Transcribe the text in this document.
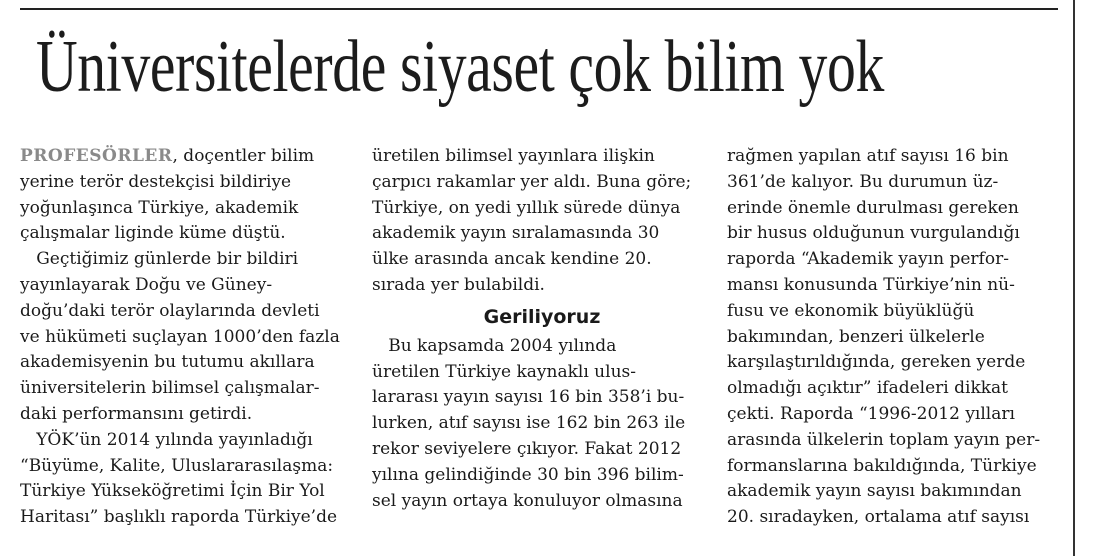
Üniversitelerde siyaset çok bilim yok
PROFESÖRLER, doçentler bilim
yerine terör destekçisi bildiriye
yoğunlaşınca Türkiye, akademik
çalışmalar liginde küme düştü.
Geçtiğimiz günlerde bir bildiri
yayınlayarak Doğu ve Güney-
doğu’daki terör olaylarında devleti
ve hükümeti suçlayan 1000’den fazla
akademisyenin bu tutumu akıllara
üniversitelerin bilimsel çalışmalar-
daki performansını getirdi.
YÖK’ün 2014 yılında yayınladığı
“Büyüme, Kalite, Uluslararasılaşma:
Türkiye Yükseköğretimi İçin Bir Yol
Haritası” başlıklı raporda Türkiye’de
üretilen bilimsel yayınlara ilişkin
çarpıcı rakamlar yer aldı. Buna göre;
Türkiye, on yedi yıllık sürede dünya
akademik yayın sıralamasında 30
ülke arasında ancak kendine 20.
sırada yer bulabildi.
Geriliyoruz
Bu kapsamda 2004 yılında
üretilen Türkiye kaynaklı ulus-
lararası yayın sayısı 16 bin 358’i bu-
lurken, atıf sayısı ise 162 bin 263 ile
rekor seviyelere çıkıyor. Fakat 2012
yılına gelindiğinde 30 bin 396 bilim-
sel yayın ortaya konuluyor olmasına
rağmen yapılan atıf sayısı 16 bin
361’de kalıyor. Bu durumun üz-
erinde önemle durulması gereken
bir husus olduğunun vurgulandığı
raporda “Akademik yayın perfor-
mansı konusunda Türkiye’nin nü-
fusu ve ekonomik büyüklüğü
bakımından, benzeri ülkelerle
karşılaştırıldığında, gereken yerde
olmadığı açıktır” ifadeleri dikkat
çekti. Raporda “1996-2012 yılları
arasında ülkelerin toplam yayın per-
formanslarına bakıldığında, Türkiye
akademik yayın sayısı bakımından
20. sıradayken, ortalama atıf sayısı
